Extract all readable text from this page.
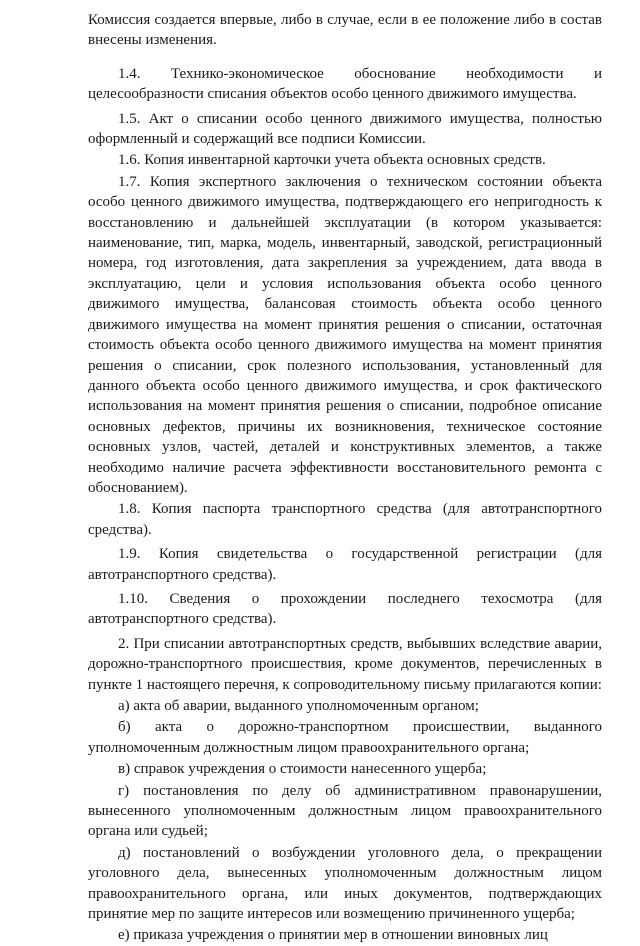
Комиссия создается впервые, либо в случае, если в ее положение либо в состав внесены изменения.

1.4. Технико-экономическое обоснование необходимости и целесообразности списания объектов особо ценного движимого имущества.

1.5. Акт о списании особо ценного движимого имущества, полностью оформленный и содержащий все подписи Комиссии.

1.6. Копия инвентарной карточки учета объекта основных средств.

1.7. Копия экспертного заключения о техническом состоянии объекта особо ценного движимого имущества, подтверждающего его непригодность к восстановлению и дальнейшей эксплуатации (в котором указывается: наименование, тип, марка, модель, инвентарный, заводской, регистрационный номера, год изготовления, дата закрепления за учреждением, дата ввода в эксплуатацию, цели и условия использования объекта особо ценного движимого имущества, балансовая стоимость объекта особо ценного движимого имущества на момент принятия решения о списании, остаточная стоимость объекта особо ценного движимого имущества на момент принятия решения о списании, срок полезного использования, установленный для данного объекта особо ценного движимого имущества, и срок фактического использования на момент принятия решения о списании, подробное описание основных дефектов, причины их возникновения, техническое состояние основных узлов, частей, деталей и конструктивных элементов, а также необходимо наличие расчета эффективности восстановительного ремонта с обоснованием).

1.8. Копия паспорта транспортного средства (для автотранспортного средства).

1.9. Копия свидетельства о государственной регистрации (для автотранспортного средства).

1.10. Сведения о прохождении последнего техосмотра (для автотранспортного средства).

2. При списании автотранспортных средств, выбывших вследствие аварии, дорожно-транспортного происшествия, кроме документов, перечисленных в пункте 1 настоящего перечня, к сопроводительному письму прилагаются копии:

а) акта об аварии, выданного уполномоченным органом;

б) акта о дорожно-транспортном происшествии, выданного уполномоченным должностным лицом правоохранительного органа;

в) справок учреждения о стоимости нанесенного ущерба;

г) постановления по делу об административном правонарушении, вынесенного уполномоченным должностным лицом правоохранительного органа или судьей;

д) постановлений о возбуждении уголовного дела, о прекращении уголовного дела, вынесенных уполномоченным должностным лицом правоохранительного органа, или иных документов, подтверждающих принятие мер по защите интересов или возмещению причиненного ущерба;

е) приказа учреждения о принятии мер в отношении виновных лиц
